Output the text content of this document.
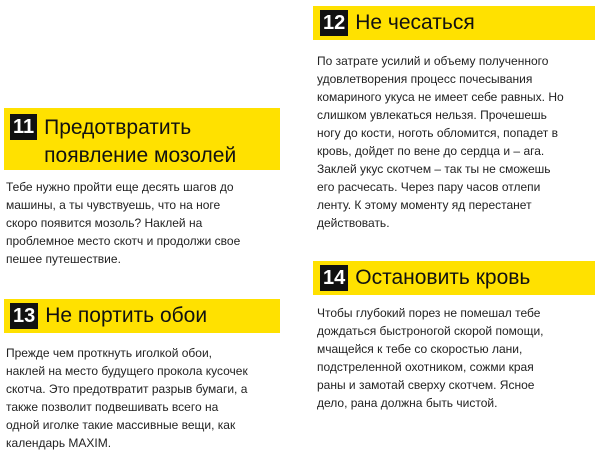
12 Не чесаться
По затрате усилий и объему полученного
удовлетворения процесс почесывания
комариного укуса не имеет себе равных. Но
слишком увлекаться нельзя. Прочешешь
ногу до кости, ноготь обломится, попадет в
кровь, дойдет по вене до сердца и – ага.
Заклей укус скотчем – так ты не сможешь
его расчесать. Через пару часов отлепи
ленту. К этому моменту яд перестанет
действовать.
11 Предотвратить
появление мозолей
Тебе нужно пройти еще десять шагов до
машины, а ты чувствуешь, что на ноге
скоро появится мозоль? Наклей на
проблемное место скотч и продолжи свое
пешее путешествие.
13 Не портить обои
Прежде чем проткнуть иголкой обои,
наклей на место будущего прокола кусочек
скотча. Это предотвратит разрыв бумаги, а
также позволит подвешивать всего на
одной иголке такие массивные вещи, как
календарь MAXIM.
14 Остановить кровь
Чтобы глубокий порез не помешал тебе
дождаться быстроногой скорой помощи,
мчащейся к тебе со скоростью лани,
подстреленной охотником, сожми края
раны и замотай сверху скотчем. Ясное
дело, рана должна быть чистой.
